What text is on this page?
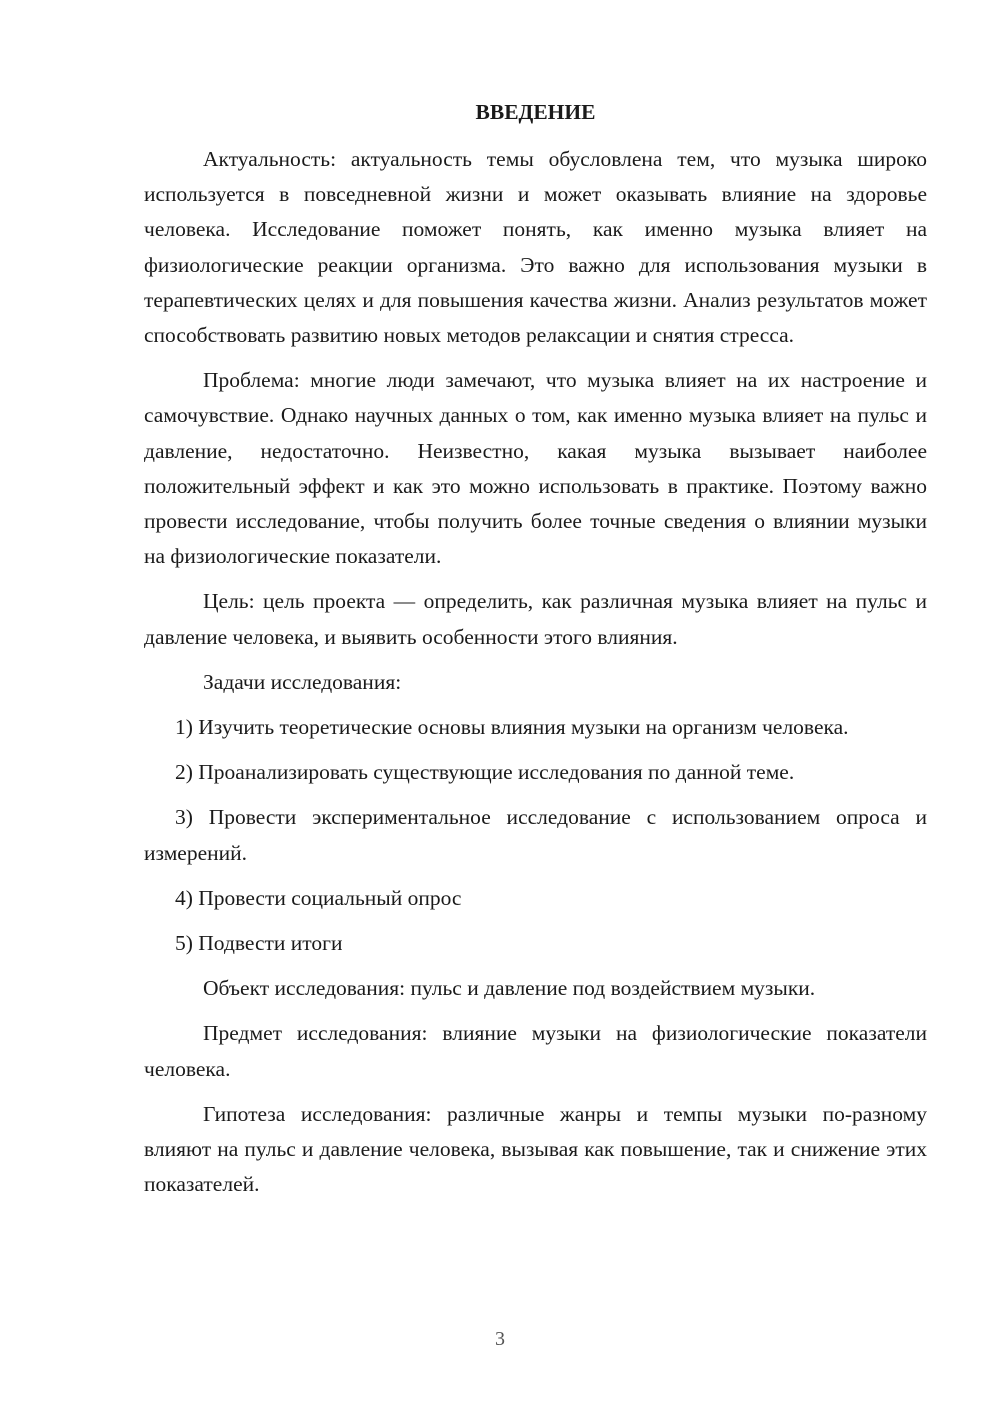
ВВЕДЕНИЕ

Актуальность: актуальность темы обусловлена тем, что музыка широко используется в повседневной жизни и может оказывать влияние на здоровье человека. Исследование поможет понять, как именно музыка влияет на физиологические реакции организма. Это важно для использования музыки в терапевтических целях и для повышения качества жизни. Анализ результатов может способствовать развитию новых методов релаксации и снятия стресса.

Проблема: многие люди замечают, что музыка влияет на их настроение и самочувствие. Однако научных данных о том, как именно музыка влияет на пульс и давление, недостаточно. Неизвестно, какая музыка вызывает наиболее положительный эффект и как это можно использовать в практике. Поэтому важно провести исследование, чтобы получить более точные сведения о влиянии музыки на физиологические показатели.

Цель: цель проекта — определить, как различная музыка влияет на пульс и давление человека, и выявить особенности этого влияния.

Задачи исследования:

1) Изучить теоретические основы влияния музыки на организм человека.

2) Проанализировать существующие исследования по данной теме.

3) Провести экспериментальное исследование с использованием опроса и измерений.

4) Провести социальный опрос

5) Подвести итоги

Объект исследования: пульс и давление под воздействием музыки.

Предмет исследования: влияние музыки на физиологические показатели человека.

Гипотеза исследования: различные жанры и темпы музыки по-разному влияют на пульс и давление человека, вызывая как повышение, так и снижение этих показателей.

3
